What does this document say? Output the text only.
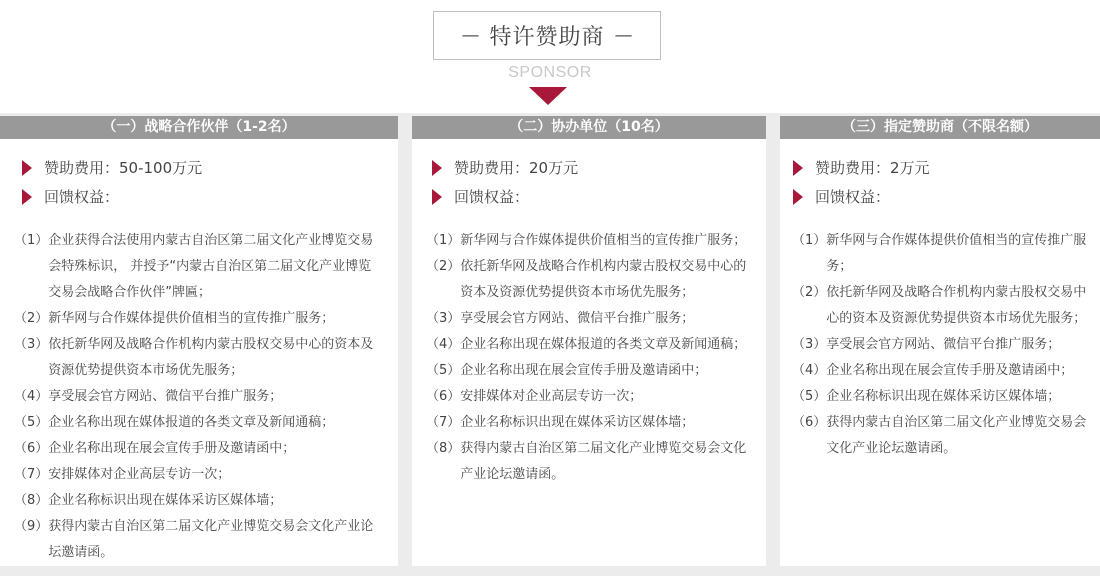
— 特许赞助商 —
SPONSOR
（一）战略合作伙伴（1-2名）
赞助费用：50-100万元
回馈权益：
（1） 企业获得合法使用内蒙古自治区第二届文化产业博览交易会特殊标识， 并授予“内蒙古自治区第二届文化产业博览交易会战略合作伙伴”牌匾；
（2） 新华网与合作媒体提供价值相当的宣传推广服务；
（3） 依托新华网及战略合作机构内蒙古股权交易中心的资本及资源优势提供资本市场优先服务；
（4） 享受展会官方网站、微信平台推广服务；
（5） 企业名称出现在媒体报道的各类文章及新闻通稿；
（6） 企业名称出现在展会宣传手册及邀请函中；
（7） 安排媒体对企业高层专访一次；
（8） 企业名称标识出现在媒体采访区媒体墙；
（9） 获得内蒙古自治区第二届文化产业博览交易会文化产业论坛邀请函。
（二）协办单位（10名）
赞助费用：20万元
回馈权益：
（1） 新华网与合作媒体提供价值相当的宣传推广服务；
（2） 依托新华网及战略合作机构内蒙古股权交易中心的资本及资源优势提供资本市场优先服务；
（3） 享受展会官方网站、微信平台推广服务；
（4） 企业名称出现在媒体报道的各类文章及新闻通稿；
（5） 企业名称出现在展会宣传手册及邀请函中；
（6） 安排媒体对企业高层专访一次；
（7） 企业名称标识出现在媒体采访区媒体墙；
（8） 获得内蒙古自治区第二届文化产业博览交易会文化产业论坛邀请函。
（三）指定赞助商（不限名额）
赞助费用：2万元
回馈权益：
（1） 新华网与合作媒体提供价值相当的宣传推广服务；
（2） 依托新华网及战略合作机构内蒙古股权交易中心的资本及资源优势提供资本市场优先服务；
（3） 享受展会官方网站、微信平台推广服务；
（4） 企业名称出现在展会宣传手册及邀请函中；
（5） 企业名称标识出现在媒体采访区媒体墙；
（6） 获得内蒙古自治区第二届文化产业博览交易会文化产业论坛邀请函。
